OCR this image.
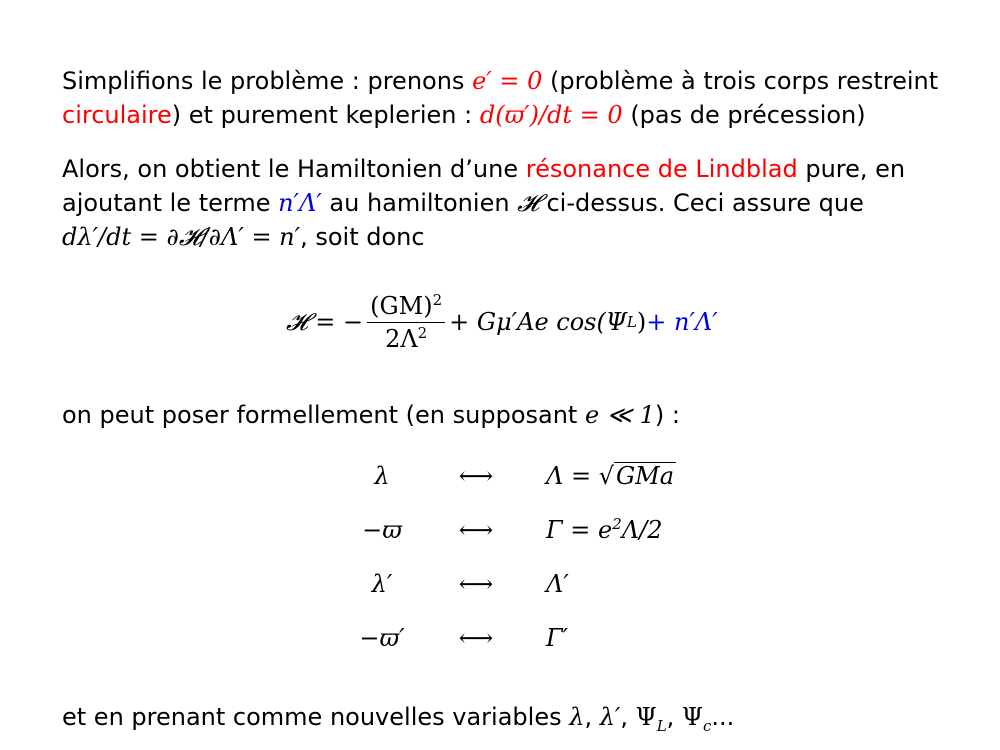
Simplifions le problème : prenons e′ = 0 (problème à trois corps restreint
circulaire) et purement keplerien : d(ϖ′)/dt = 0 (pas de précession)
Alors, on obtient le Hamiltonien d’une résonance de Lindblad pure, en
ajoutant le terme n′Λ′ au hamiltonien 𝓗 ci-dessus. Ceci assure que
dλ′/dt = ∂𝓗/∂Λ′ = n′, soit donc
𝓗 = − $\frac{(GM)^2}{2\Lambda^2} + G\mu'Ae$ cos(Ψ L ) + n′Λ′
on peut poser formellement (en supposant e ≪ 1) :
λ	⟷	Λ = √GMa
−ϖ	⟷	$\Gamma = e^2\Lambda/2$
λ′	⟷	Λ′
−ϖ′	⟷	Γ′
et en prenant comme nouvelles variables λ, λ′, $\Psi_L$, $\Psi_c$...
